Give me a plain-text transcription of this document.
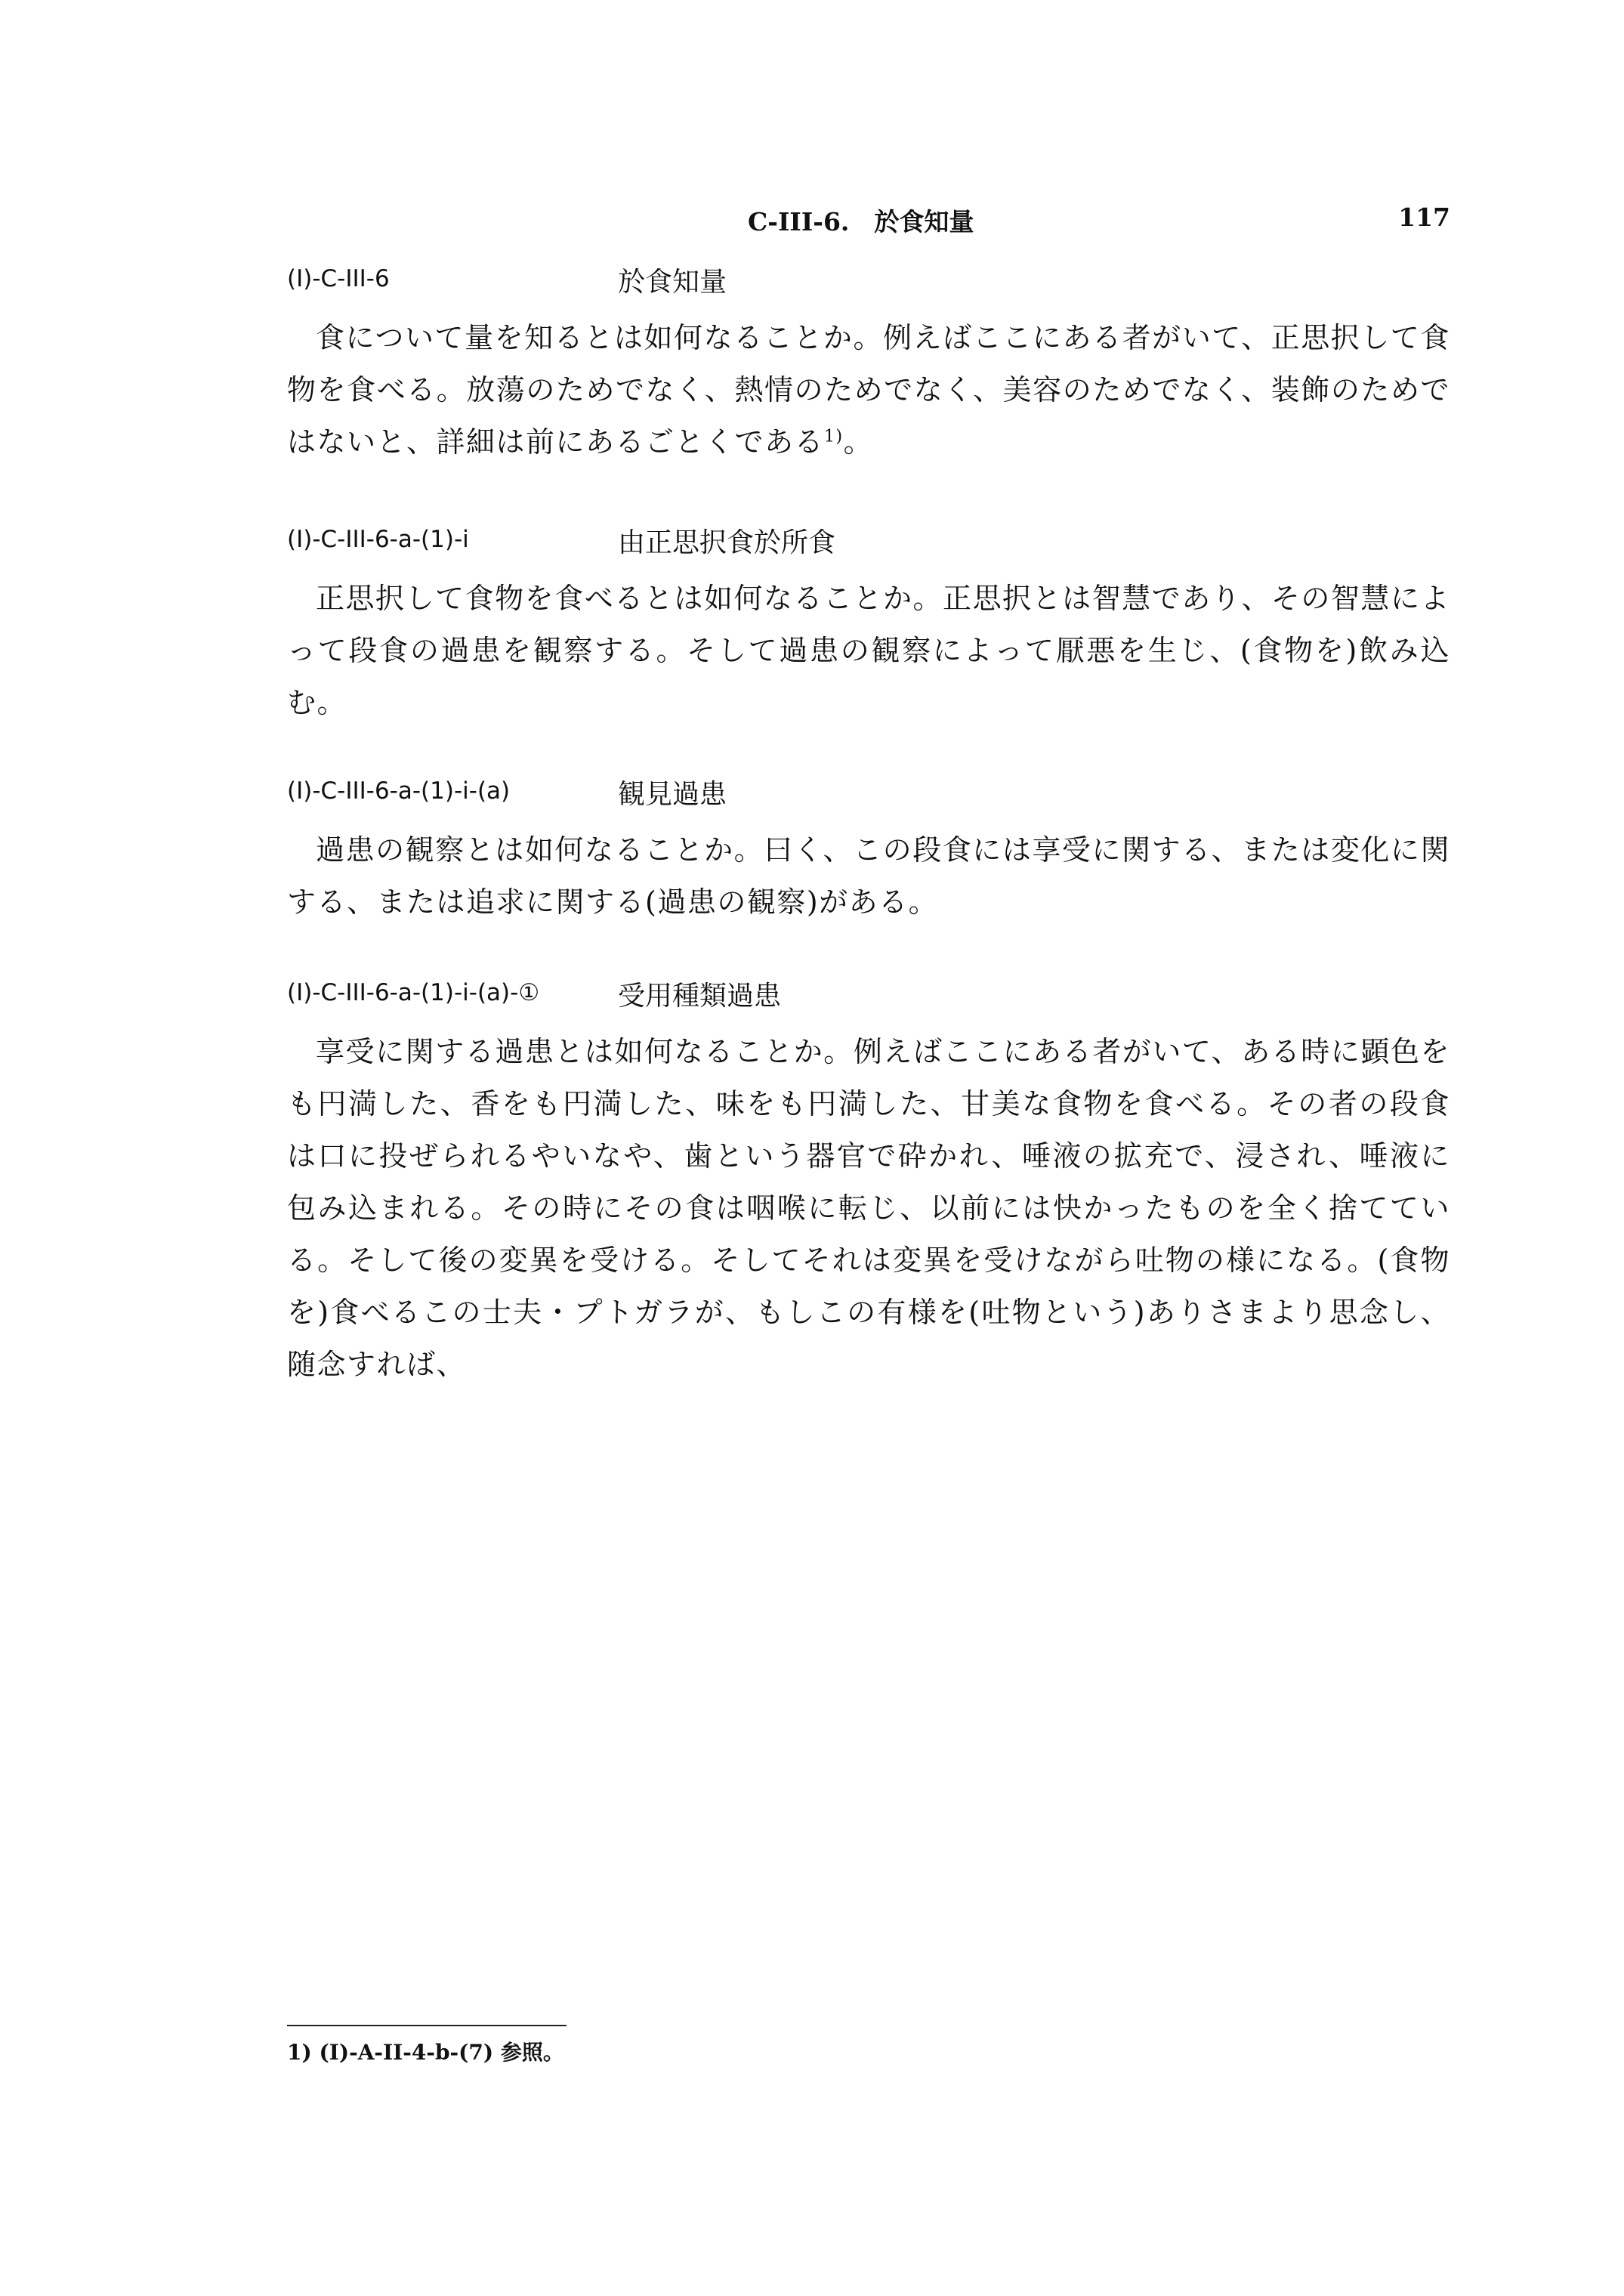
C-III-6.　於食知量	117
(I)-C-III-6	於食知量

食について量を知るとは如何なることか。例えばここにある者がいて、正思択して食物を食べる。放蕩のためでなく、熱情のためでなく、美容のためでなく、装飾のためではないと、詳細は前にあるごとくである$^{1)}$。

(I)-C-III-6-a-(1)-i	由正思択食於所食

正思択して食物を食べるとは如何なることか。正思択とは智慧であり、その智慧によって段食の過患を観察する。そして過患の観察によって厭悪を生じ、(食物を)飲み込む。

(I)-C-III-6-a-(1)-i-(a)	観見過患

過患の観察とは如何なることか。曰く、この段食には享受に関する、または変化に関する、または追求に関する(過患の観察)がある。

(I)-C-III-6-a-(1)-i-(a)-①	受用種類過患

享受に関する過患とは如何なることか。例えばここにある者がいて、ある時に顕色をも円満した、香をも円満した、味をも円満した、甘美な食物を食べる。その者の段食は口に投ぜられるやいなや、歯という器官で砕かれ、唾液の拡充で、浸され、唾液に包み込まれる。その時にその食は咽喉に転じ、以前には快かったものを全く捨てている。そして後の変異を受ける。そしてそれは変異を受けながら吐物の様になる。(食物を)食べるこの士夫・プトガラが、もしこの有様を(吐物という)ありさまより思念し、随念すれば、

1) (I)-A-II-4-b-(7) 参照。
